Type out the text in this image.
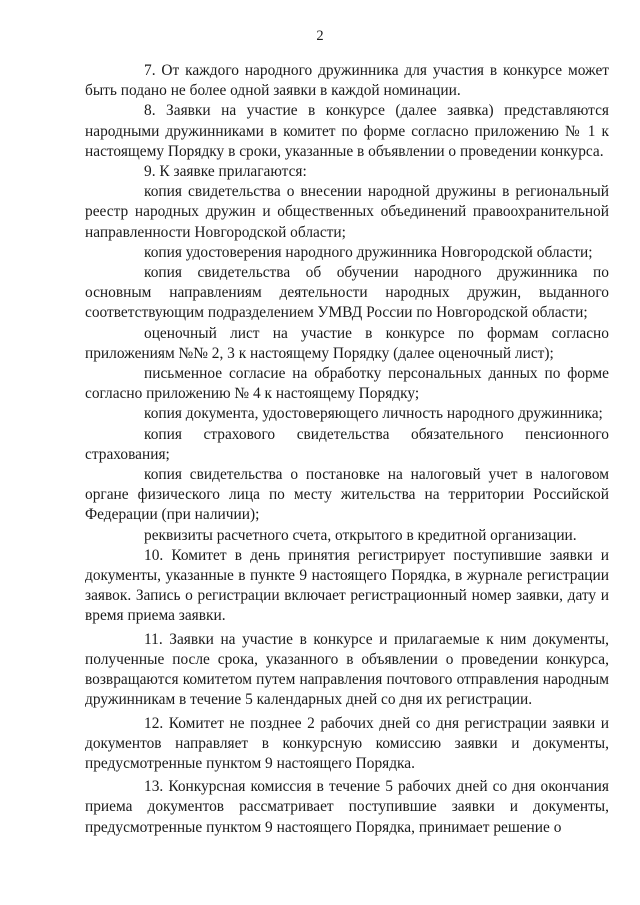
2

7. От каждого народного дружинника для участия в конкурсе может быть подано не более одной заявки в каждой номинации.

8. Заявки на участие в конкурсе (далее заявка) представляются народными дружинниками в комитет по форме согласно приложению № 1 к настоящему Порядку в сроки, указанные в объявлении о проведении конкурса.

9. К заявке прилагаются:

копия свидетельства о внесении народной дружины в региональный реестр народных дружин и общественных объединений правоохранительной направленности Новгородской области;

копия удостоверения народного дружинника Новгородской области;

копия свидетельства об обучении народного дружинника по основным направлениям деятельности народных дружин, выданного соответствующим подразделением УМВД России по Новгородской области;

оценочный лист на участие в конкурсе по формам согласно приложениям №№ 2, 3 к настоящему Порядку (далее оценочный лист);

письменное согласие на обработку персональных данных по форме согласно приложению № 4 к настоящему Порядку;

копия документа, удостоверяющего личность народного дружинника;

копия страхового свидетельства обязательного пенсионного страхования;

копия свидетельства о постановке на налоговый учет в налоговом органе физического лица по месту жительства на территории Российской Федерации (при наличии);

реквизиты расчетного счета, открытого в кредитной организации.

10. Комитет в день принятия регистрирует поступившие заявки и документы, указанные в пункте 9 настоящего Порядка, в журнале регистрации заявок. Запись о регистрации включает регистрационный номер заявки, дату и время приема заявки.

11. Заявки на участие в конкурсе и прилагаемые к ним документы, полученные после срока, указанного в объявлении о проведении конкурса, возвращаются комитетом путем направления почтового отправления народным дружинникам в течение 5 календарных дней со дня их регистрации.

12. Комитет не позднее 2 рабочих дней со дня регистрации заявки и документов направляет в конкурсную комиссию заявки и документы, предусмотренные пунктом 9 настоящего Порядка.

13. Конкурсная комиссия в течение 5 рабочих дней со дня окончания приема документов рассматривает поступившие заявки и документы, предусмотренные пунктом 9 настоящего Порядка, принимает решение о
